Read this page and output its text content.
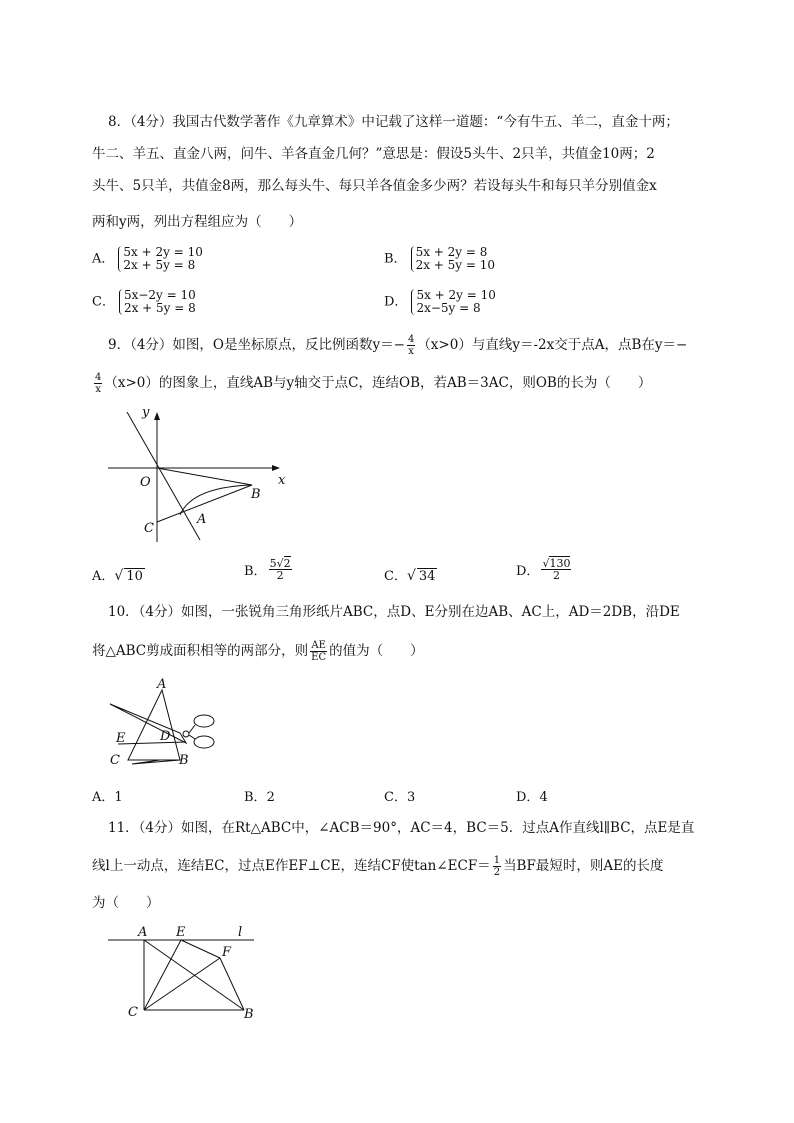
8．（4分）我国古代数学著作《九章算术》中记载了这样一道题：“今有牛五、羊二，直金十两；
牛二、羊五、直金八两，问牛、羊各直金几何？”意思是：假设5头牛、2只羊，共值金10两；2
头牛、5只羊，共值金8两，那么每头牛、每只羊各值金多少两？若设每头牛和每只羊分别值金x
两和y两，列出方程组应为（　　）
A． 5x + 2y = 10
2x + 5y = 8	B． 5x + 2y = 8
2x + 5y = 10
C． 5x−2y = 10
2x + 5y = 8	D． 5x + 2y = 10
2x−5y = 8
9．（4分）如图，O是坐标原点，反比例函数$y=- \frac{4}{x} (x>0)$与直线y＝-2x交于点A，点B在y＝−
$\frac{4}{x} (x>0)$的图象上，直线AB与y轴交于点C，连结OB，若AB＝3AC，则OB的长为（　　）
y
x
O
B
C
A
A．√ 10	B． $\frac{5√2}{2}$	C．√ 34	D． $\frac{√130}{2}$
10．（4分）如图，一张锐角三角形纸片ABC，点D、E分别在边AB、AC上，AD＝2DB，沿DE
将△ABC剪成面积相等的两部分，则 $\frac{AE}{EC}$ 的值为（　　）
A
E	D
C	B
A．1	B．2	C．3	D．4
11．（4分）如图，在Rt△ABC中，∠ACB＝90°，AC＝4，BC＝5．过点A作直线l∥BC，点E是直
线l上一动点，连结EC，过点E作EF⊥CE，连结CF使tan∠ECF＝ $\frac{1}{2}$ 当BF最短时，则AE的长度
为（　　）
A E	l
F
C	B
